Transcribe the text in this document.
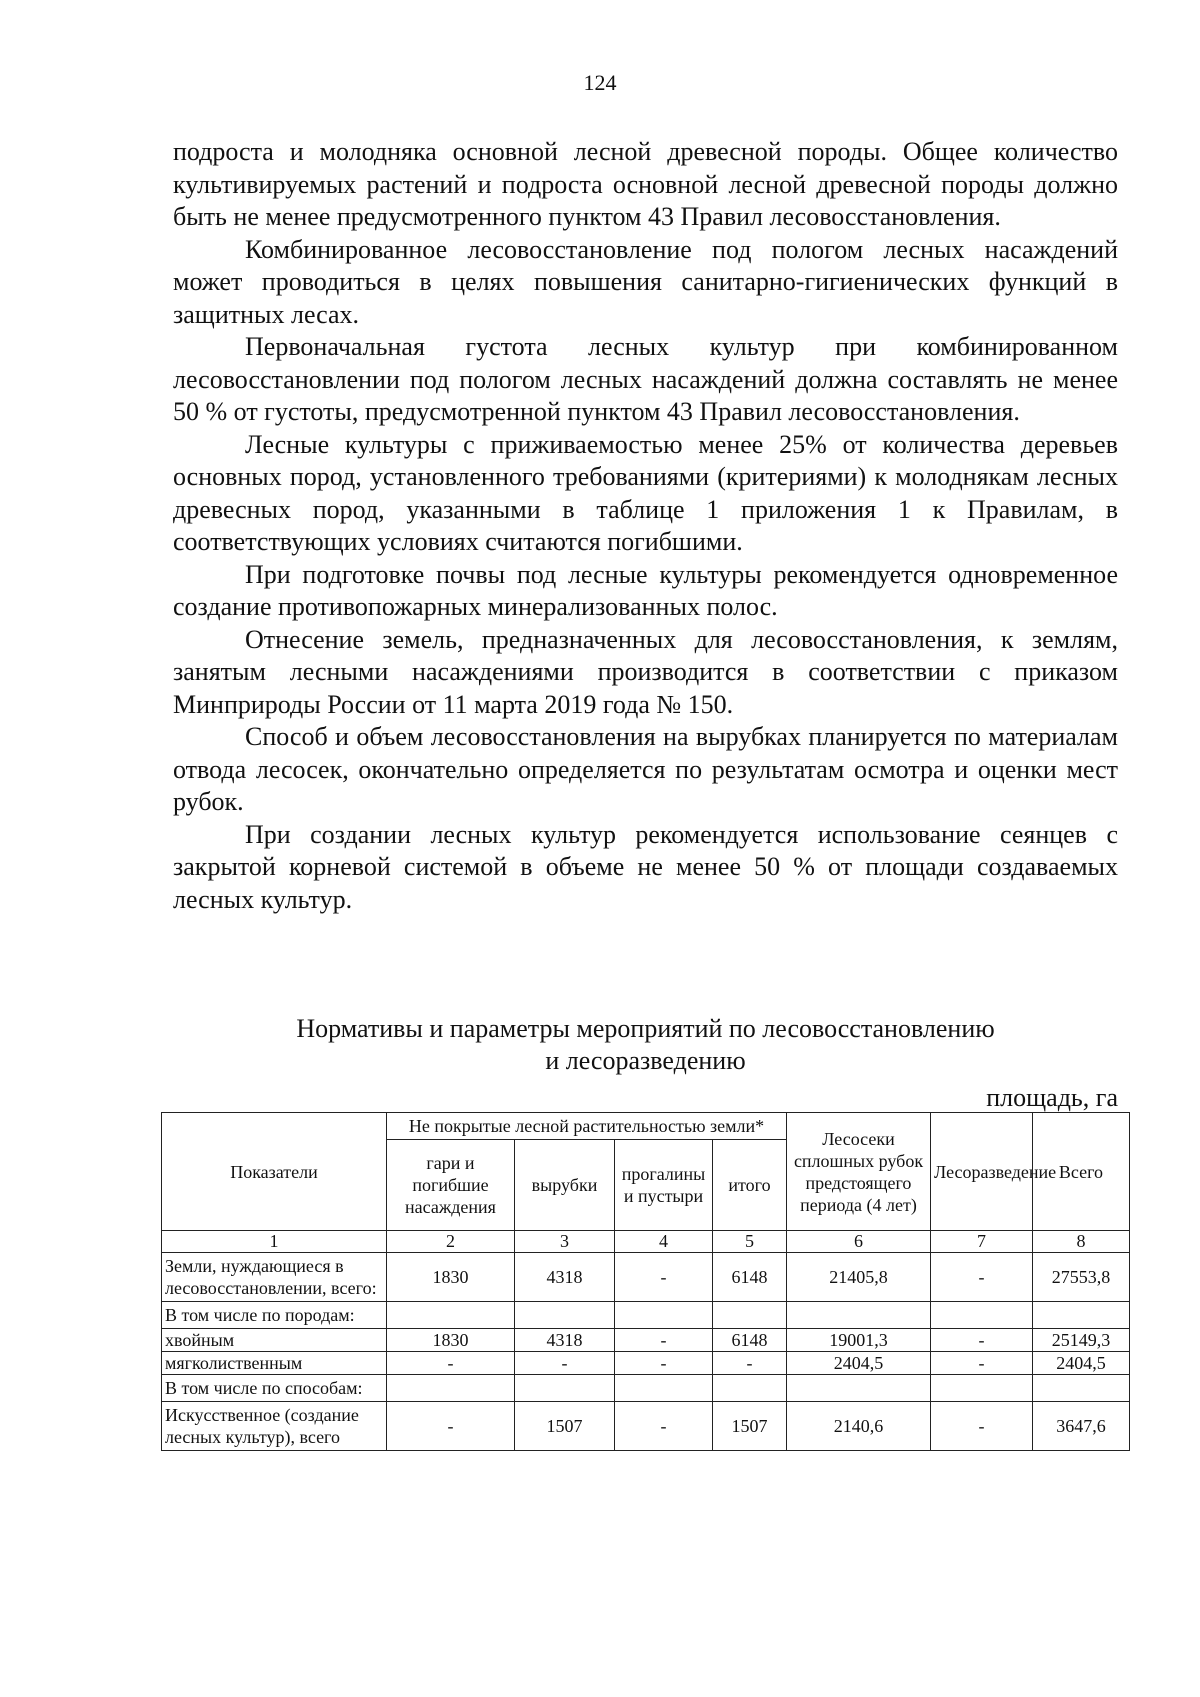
124

подроста и молодняка основной лесной древесной породы. Общее количество культивируемых растений и подроста основной лесной древесной породы должно быть не менее предусмотренного пунктом 43 Правил лесовосстановления.

Комбинированное лесовосстановление под пологом лесных насаждений может проводиться в целях повышения санитарно-гигиенических функций в защитных лесах.

Первоначальная густота лесных культур при комбинированном лесовосстановлении под пологом лесных насаждений должна составлять не менее 50 % от густоты, предусмотренной пунктом 43 Правил лесовосстановления.

Лесные культуры с приживаемостью менее 25% от количества деревьев основных пород, установленного требованиями (критериями) к молоднякам лесных древесных пород, указанными в таблице 1 приложения 1 к Правилам, в соответствующих условиях считаются погибшими.

При подготовке почвы под лесные культуры рекомендуется одновременное создание противопожарных минерализованных полос.

Отнесение земель, предназначенных для лесовосстановления, к землям, занятым лесными насаждениями производится в соответствии с приказом Минприроды России от 11 марта 2019 года № 150.

Способ и объем лесовосстановления на вырубках планируется по материалам отвода лесосек, окончательно определяется по результатам осмотра и оценки мест рубок.

При создании лесных культур рекомендуется использование сеянцев с закрытой корневой системой в объеме не менее 50 % от площади создаваемых лесных культур.

Нормативы и параметры мероприятий по лесовосстановлению
и лесоразведению
площадь, га
Показатели	Не покрытые лесной растительностью земли*				Лесосеки сплошных рубок предстоящего периода (4 лет)	Лесоразведение	Всего
	гари и погибшие насаждения	вырубки	прогалины и пустыри	итого			
1	2	3	4	5	6	7	8
Земли, нуждающиеся в лесовосстановлении, всего:	1830	4318	-	6148	21405,8	-	27553,8
В том числе по породам:							
хвойным	1830	4318	-	6148	19001,3	-	25149,3
мягколиственным	-	-	-	-	2404,5	-	2404,5
В том числе по способам:							
Искусственное (создание лесных культур), всего	-	1507	-	1507	2140,6	-	3647,6
